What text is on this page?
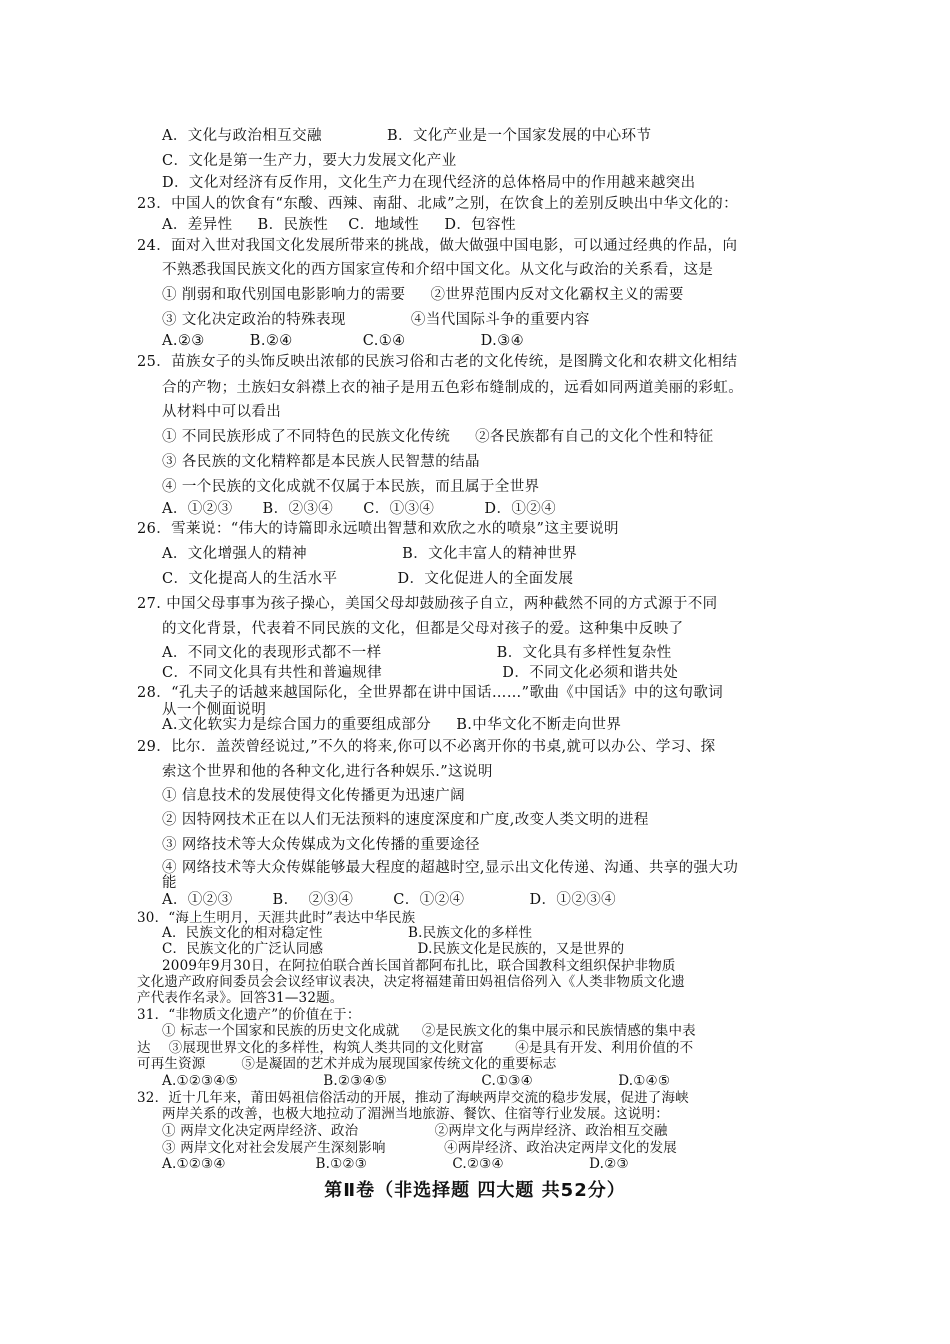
A．文化与政治相互交融             B．文化产业是一个国家发展的中心环节
C．文化是第一生产力，要大力发展文化产业
D．文化对经济有反作用，文化生产力在现代经济的总体格局中的作用越来越突出
23．中国人的饮食有“东酸、西辣、南甜、北咸”之别，在饮食上的差别反映出中华文化的：
A．差异性     B．民族性    C．地域性     D．包容性
24．面对入世对我国文化发展所带来的挑战，做大做强中国电影，可以通过经典的作品，向
不熟悉我国民族文化的西方国家宣传和介绍中国文化。从文化与政治的关系看，这是
① 削弱和取代别国电影影响力的需要     ②世界范围内反对文化霸权主义的需要
③ 文化决定政治的特殊表现             ④当代国际斗争的重要内容
A.②③         B.②④              C.①④               D.③④
25．苗族女子的头饰反映出浓郁的民族习俗和古老的文化传统，是图腾文化和农耕文化相结
合的产物；土族妇女斜襟上衣的袖子是用五色彩布缝制成的，远看如同两道美丽的彩虹。
从材料中可以看出
① 不同民族形成了不同特色的民族文化传统     ②各民族都有自己的文化个性和特征
③ 各民族的文化精粹都是本民族人民智慧的结晶
④ 一个民族的文化成就不仅属于本民族，而且属于全世界
A．①②③      B．②③④      C．①③④          D．①②④
26．雪莱说：“伟大的诗篇即永远喷出智慧和欢欣之水的喷泉”这主要说明
A．文化增强人的精神                   B．文化丰富人的精神世界
C．文化提高人的生活水平            D．文化促进人的全面发展
27. 中国父母事事为孩子操心，美国父母却鼓励孩子自立，两种截然不同的方式源于不同
的文化背景，代表着不同民族的文化，但都是父母对孩子的爱。这种集中反映了
A．不同文化的表现形式都不一样                       B．文化具有多样性复杂性
C．不同文化具有共性和普遍规律                        D．不同文化必须和谐共处
28．“孔夫子的话越来越国际化，全世界都在讲中国话……”歌曲《中国话》中的这句歌词
从一个侧面说明
A.文化软实力是综合国力的重要组成部分     B.中华文化不断走向世界
29．比尔．盖茨曾经说过,”不久的将来,你可以不必离开你的书桌,就可以办公、学习、探
索这个世界和他的各种文化,进行各种娱乐.”这说明
① 信息技术的发展使得文化传播更为迅速广阔
② 因特网技术正在以人们无法预料的速度深度和广度,改变人类文明的进程
③ 网络技术等大众传媒成为文化传播的重要途径
④ 网络技术等大众传媒能够最大程度的超越时空,显示出文化传递、沟通、共享的强大功
能
A．①②③        B．  ②③④        C．①②④             D．①②③④
30．“海上生明月，天涯共此时”表达中华民族
A．民族文化的相对稳定性                   B.民族文化的多样性
C．民族文化的广泛认同感                     D.民族文化是民族的，又是世界的
2009年9月30日，在阿拉伯联合酋长国首都阿布扎比，联合国教科文组织保护非物质
文化遗产政府间委员会会议经审议表决，决定将福建莆田妈祖信俗列入《人类非物质文化遗
产代表作名录》。回答31—32题。
31．“非物质文化遗产”的价值在于：
① 标志一个国家和民族的历史文化成就     ②是民族文化的集中展示和民族情感的集中表
达    ③展现世界文化的多样性，构筑人类共同的文化财富       ④是具有开发、利用价值的不
可再生资源        ⑤是凝固的艺术并成为展现国家传统文化的重要标志
A.①②③④⑤                   B.②③④⑤                     C.①③④                   D.①④⑤
32．近十几年来，莆田妈祖信俗活动的开展，推动了海峡两岸交流的稳步发展，促进了海峡
两岸关系的改善，也极大地拉动了湄洲当地旅游、餐饮、住宿等行业发展。这说明：
① 两岸文化决定两岸经济、政治                 ②两岸文化与两岸经济、政治相互交融
③ 两岸文化对社会发展产生深刻影响             ④两岸经济、政治决定两岸文化的发展
A.①②③④                    B.①②③                   C.②③④                   D.②③
第Ⅱ卷（非选择题 四大题 共52分）
